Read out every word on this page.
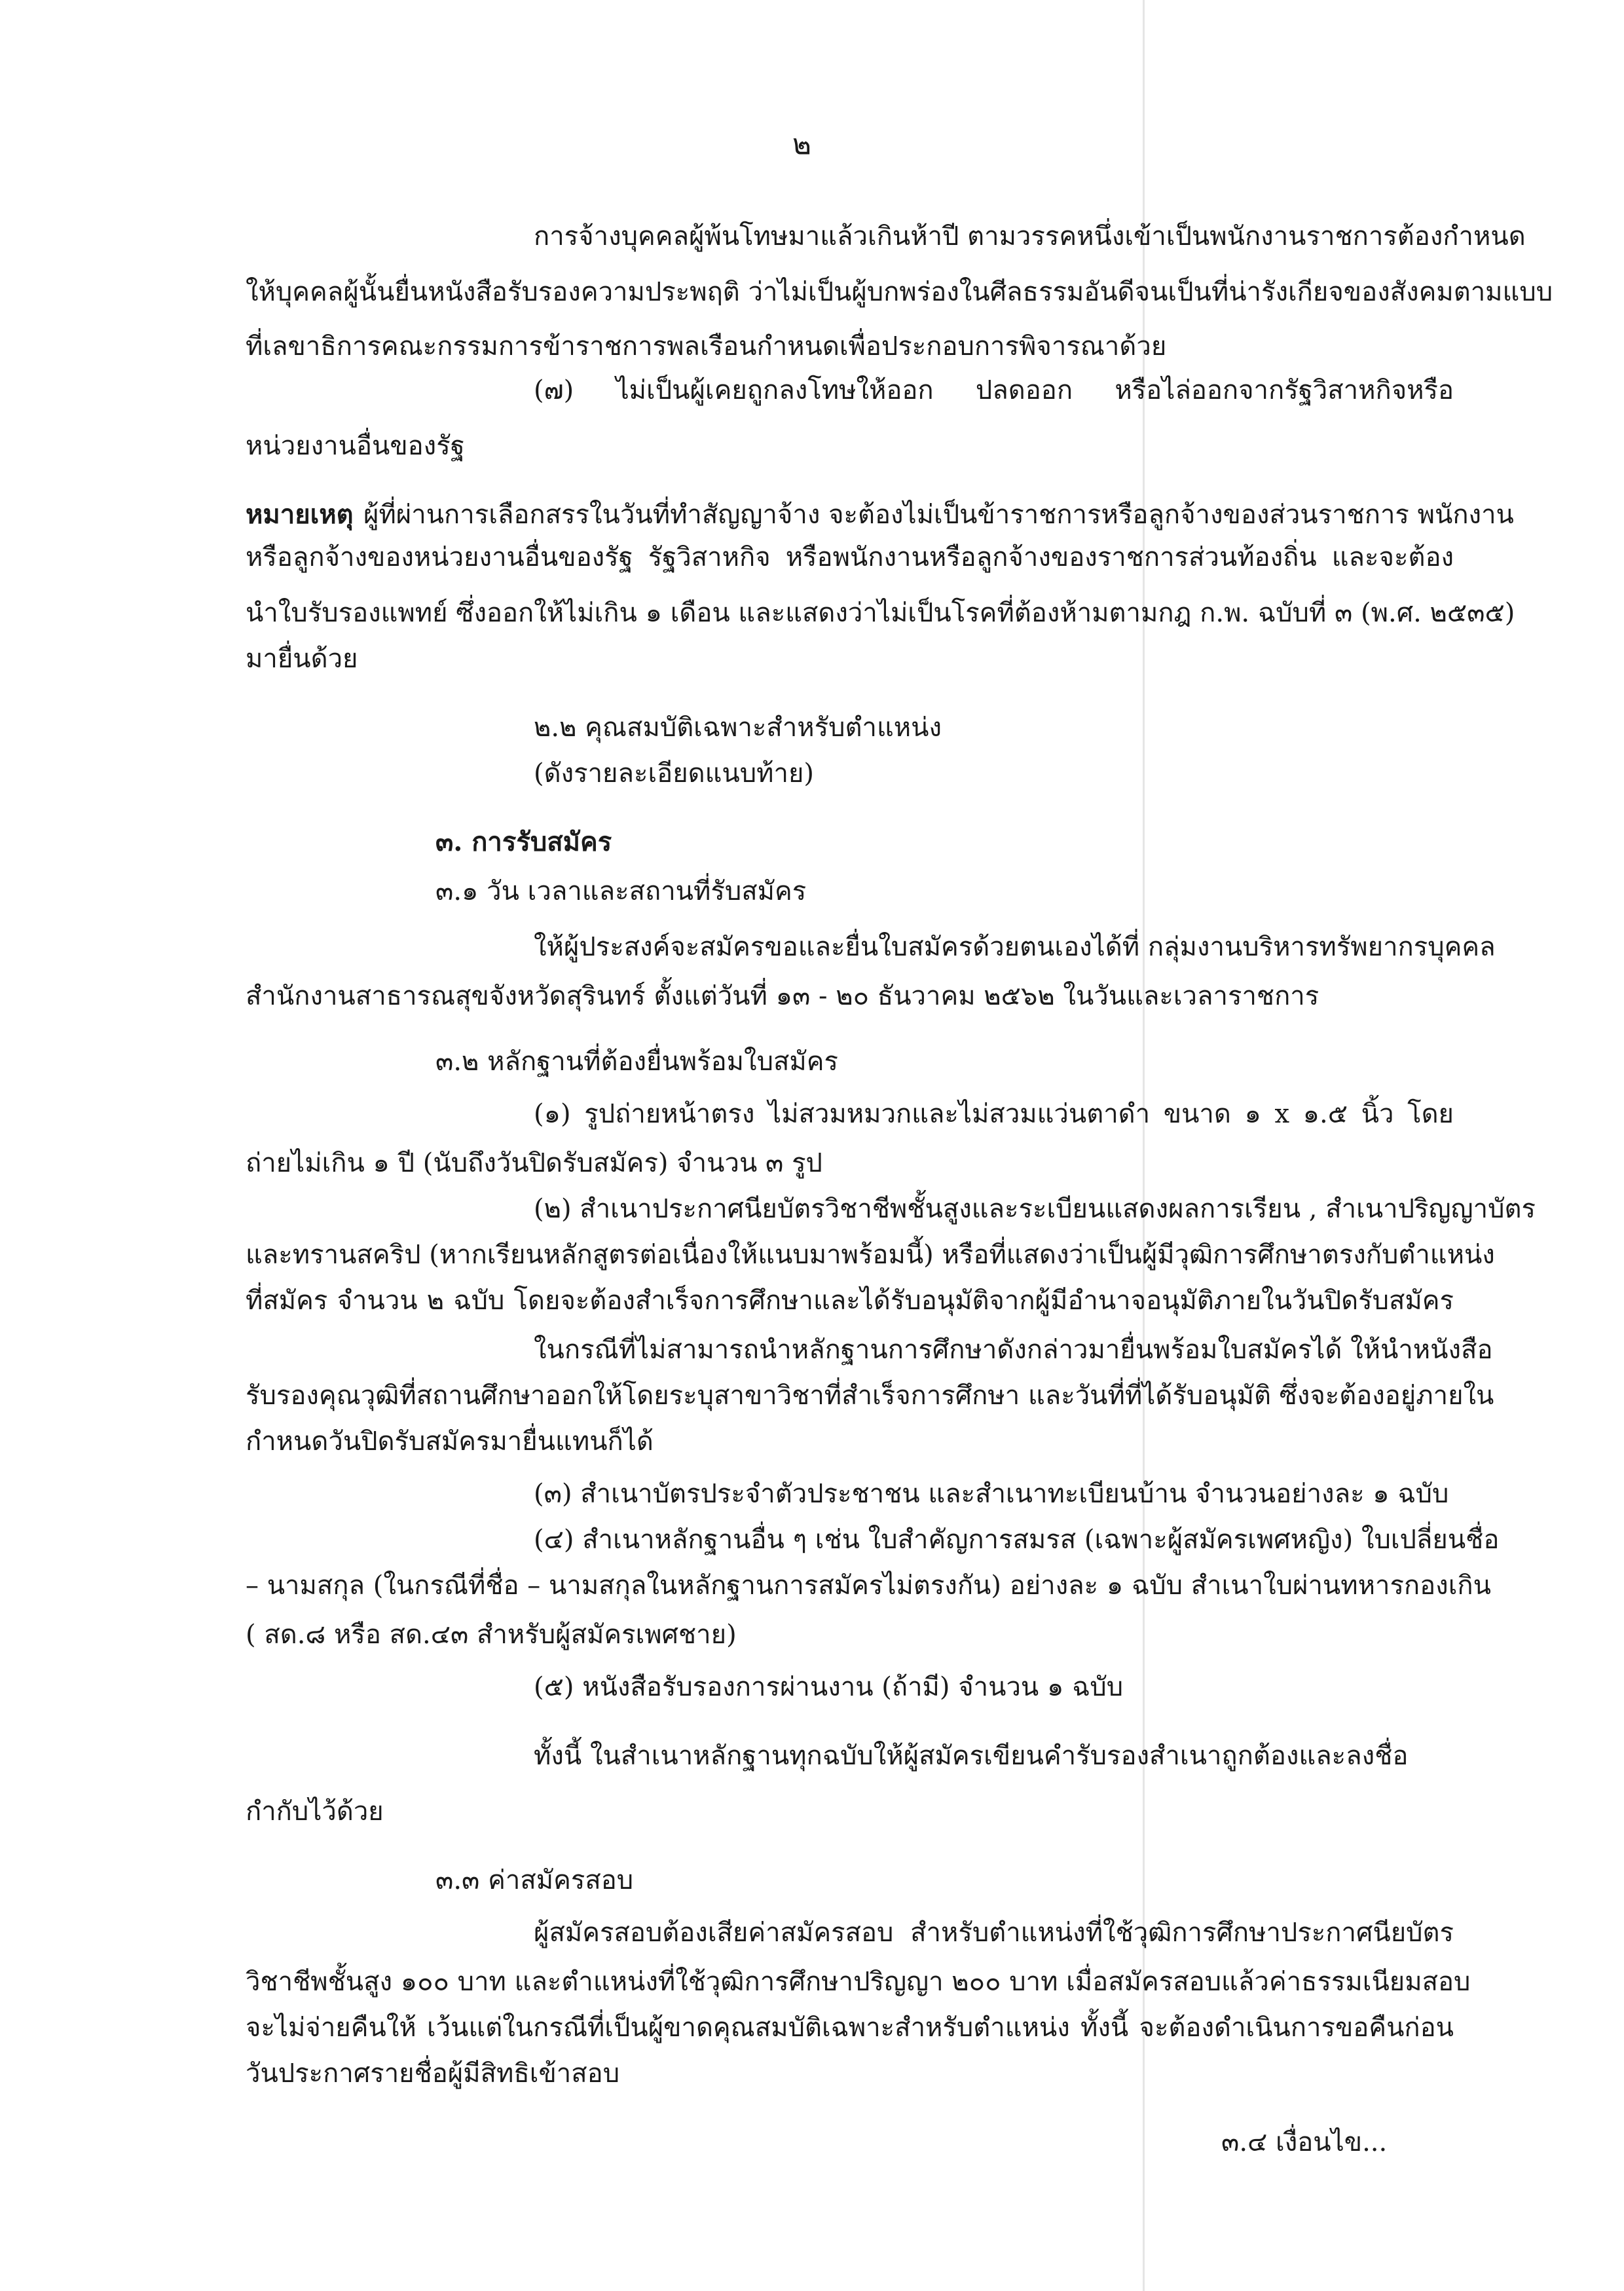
๒

การจ้างบุคคลผู้พ้นโทษมาแล้วเกินห้าปี ตามวรรคหนึ่งเข้าเป็นพนักงานราชการต้องกำหนด

ให้บุคคลผู้นั้นยื่นหนังสือรับรองความประพฤติ ว่าไม่เป็นผู้บกพร่องในศีลธรรมอันดีจนเป็นที่น่ารังเกียจของสังคมตามแบบ

ที่เลขาธิการคณะกรรมการข้าราชการพลเรือนกำหนดเพื่อประกอบการพิจารณาด้วย

(๗) ไม่เป็นผู้เคยถูกลงโทษให้ออก ปลดออก หรือไล่ออกจากรัฐวิสาหกิจหรือ

หน่วยงานอื่นของรัฐ

หมายเหตุ ผู้ที่ผ่านการเลือกสรรในวันที่ทำสัญญาจ้าง จะต้องไม่เป็นข้าราชการหรือลูกจ้างของส่วนราชการ พนักงาน

หรือลูกจ้างของหน่วยงานอื่นของรัฐ รัฐวิสาหกิจ หรือพนักงานหรือลูกจ้างของราชการส่วนท้องถิ่น และจะต้อง

นำใบรับรองแพทย์ ซึ่งออกให้ไม่เกิน ๑ เดือน และแสดงว่าไม่เป็นโรคที่ต้องห้ามตามกฎ ก.พ. ฉบับที่ ๓ (พ.ศ. ๒๕๓๕)

มายื่นด้วย

๒.๒ คุณสมบัติเฉพาะสำหรับตำแหน่ง

(ดังรายละเอียดแนบท้าย)

๓. การรับสมัคร

๓.๑ วัน เวลาและสถานที่รับสมัคร

ให้ผู้ประสงค์จะสมัครขอและยื่นใบสมัครด้วยตนเองได้ที่ กลุ่มงานบริหารทรัพยากรบุคคล

สำนักงานสาธารณสุขจังหวัดสุรินทร์ ตั้งแต่วันที่ ๑๓ - ๒๐ ธันวาคม ๒๕๖๒ ในวันและเวลาราชการ

๓.๒ หลักฐานที่ต้องยื่นพร้อมใบสมัคร

(๑) รูปถ่ายหน้าตรง ไม่สวมหมวกและไม่สวมแว่นตาดำ ขนาด ๑ x ๑.๕ นิ้ว โดย

ถ่ายไม่เกิน ๑ ปี (นับถึงวันปิดรับสมัคร) จำนวน ๓ รูป

(๒) สำเนาประกาศนียบัตรวิชาชีพชั้นสูงและระเบียนแสดงผลการเรียน , สำเนาปริญญาบัตร

และทรานสคริป (หากเรียนหลักสูตรต่อเนื่องให้แนบมาพร้อมนี้) หรือที่แสดงว่าเป็นผู้มีวุฒิการศึกษาตรงกับตำแหน่ง

ที่สมัคร จำนวน ๒ ฉบับ โดยจะต้องสำเร็จการศึกษาและได้รับอนุมัติจากผู้มีอำนาจอนุมัติภายในวันปิดรับสมัคร

ในกรณีที่ไม่สามารถนำหลักฐานการศึกษาดังกล่าวมายื่นพร้อมใบสมัครได้ ให้นำหนังสือ

รับรองคุณวุฒิที่สถานศึกษาออกให้โดยระบุสาขาวิชาที่สำเร็จการศึกษา และวันที่ที่ได้รับอนุมัติ ซึ่งจะต้องอยู่ภายใน

กำหนดวันปิดรับสมัครมายื่นแทนก็ได้

(๓) สำเนาบัตรประจำตัวประชาชน และสำเนาทะเบียนบ้าน จำนวนอย่างละ ๑ ฉบับ

(๔) สำเนาหลักฐานอื่น ๆ เช่น ใบสำคัญการสมรส (เฉพาะผู้สมัครเพศหญิง) ใบเปลี่ยนชื่อ

– นามสกุล (ในกรณีที่ชื่อ – นามสกุลในหลักฐานการสมัครไม่ตรงกัน) อย่างละ ๑ ฉบับ สำเนาใบผ่านทหารกองเกิน

( สด.๘ หรือ สด.๔๓ สำหรับผู้สมัครเพศชาย)

(๕) หนังสือรับรองการผ่านงาน (ถ้ามี) จำนวน ๑ ฉบับ

ทั้งนี้ ในสำเนาหลักฐานทุกฉบับให้ผู้สมัครเขียนคำรับรองสำเนาถูกต้องและลงชื่อ

กำกับไว้ด้วย

๓.๓ ค่าสมัครสอบ

ผู้สมัครสอบต้องเสียค่าสมัครสอบ สำหรับตำแหน่งที่ใช้วุฒิการศึกษาประกาศนียบัตร

วิชาชีพชั้นสูง ๑๐๐ บาท และตำแหน่งที่ใช้วุฒิการศึกษาปริญญา ๒๐๐ บาท เมื่อสมัครสอบแล้วค่าธรรมเนียมสอบ

จะไม่จ่ายคืนให้ เว้นแต่ในกรณีที่เป็นผู้ขาดคุณสมบัติเฉพาะสำหรับตำแหน่ง ทั้งนี้ จะต้องดำเนินการขอคืนก่อน

วันประกาศรายชื่อผู้มีสิทธิเข้าสอบ

๓.๔ เงื่อนไข...
